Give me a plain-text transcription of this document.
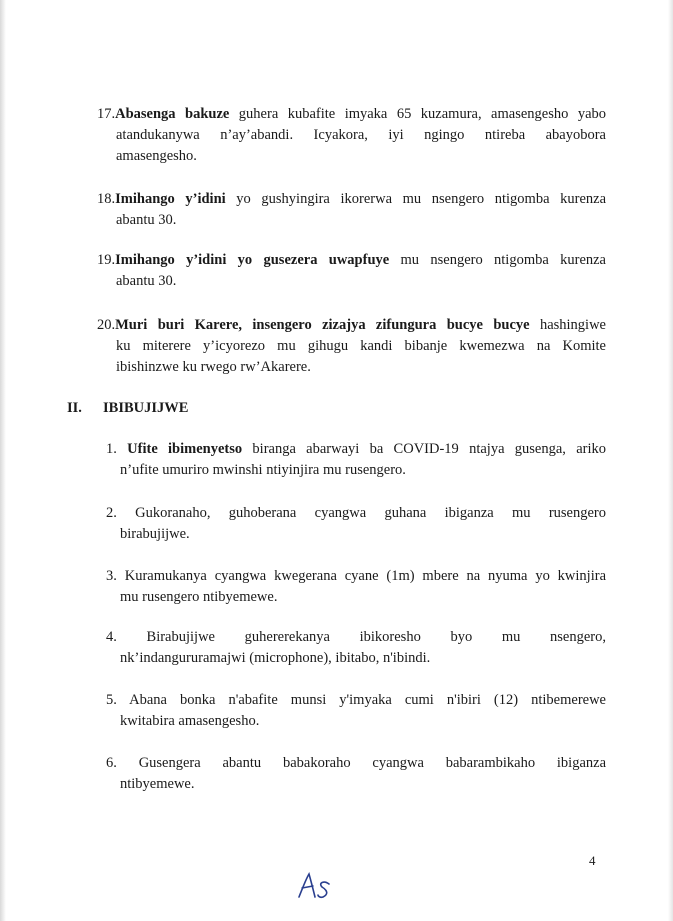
17.Abasenga bakuze guhera kubafite imyaka 65 kuzamura, amasengesho yabo

atandukanywa n’ay’abandi. Icyakora, iyi ngingo ntireba abayobora

amasengesho.

18.Imihango y’idini yo gushyingira ikorerwa mu nsengero ntigomba kurenza

abantu 30.

19.Imihango y’idini yo gusezera uwapfuye mu nsengero ntigomba kurenza

abantu 30.

20.Muri buri Karere, insengero zizajya zifungura bucye bucye hashingiwe

ku miterere y’icyorezo mu gihugu kandi bibanje kwemezwa na Komite

ibishinzwe ku rwego rw’Akarere.

II. IBIBUJIJWE

1. Ufite ibimenyetso biranga abarwayi ba COVID-19 ntajya gusenga, ariko

n’ufite umuriro mwinshi ntiyinjira mu rusengero.

2. Gukoranaho, guhoberana cyangwa guhana ibiganza mu rusengero

birabujijwe.

3. Kuramukanya cyangwa kwegerana cyane (1m) mbere na nyuma yo kwinjira

mu rusengero ntibyemewe.

4. Birabujijwe guhererekanya ibikoresho byo mu nsengero,

nk’indangururamajwi (microphone), ibitabo, n'ibindi.

5. Abana bonka n'abafite munsi y'imyaka cumi n'ibiri (12) ntibemerewe

kwitabira amasengesho.

6. Gusengera abantu babakoraho cyangwa babarambikaho ibiganza

ntibyemewe.

4
